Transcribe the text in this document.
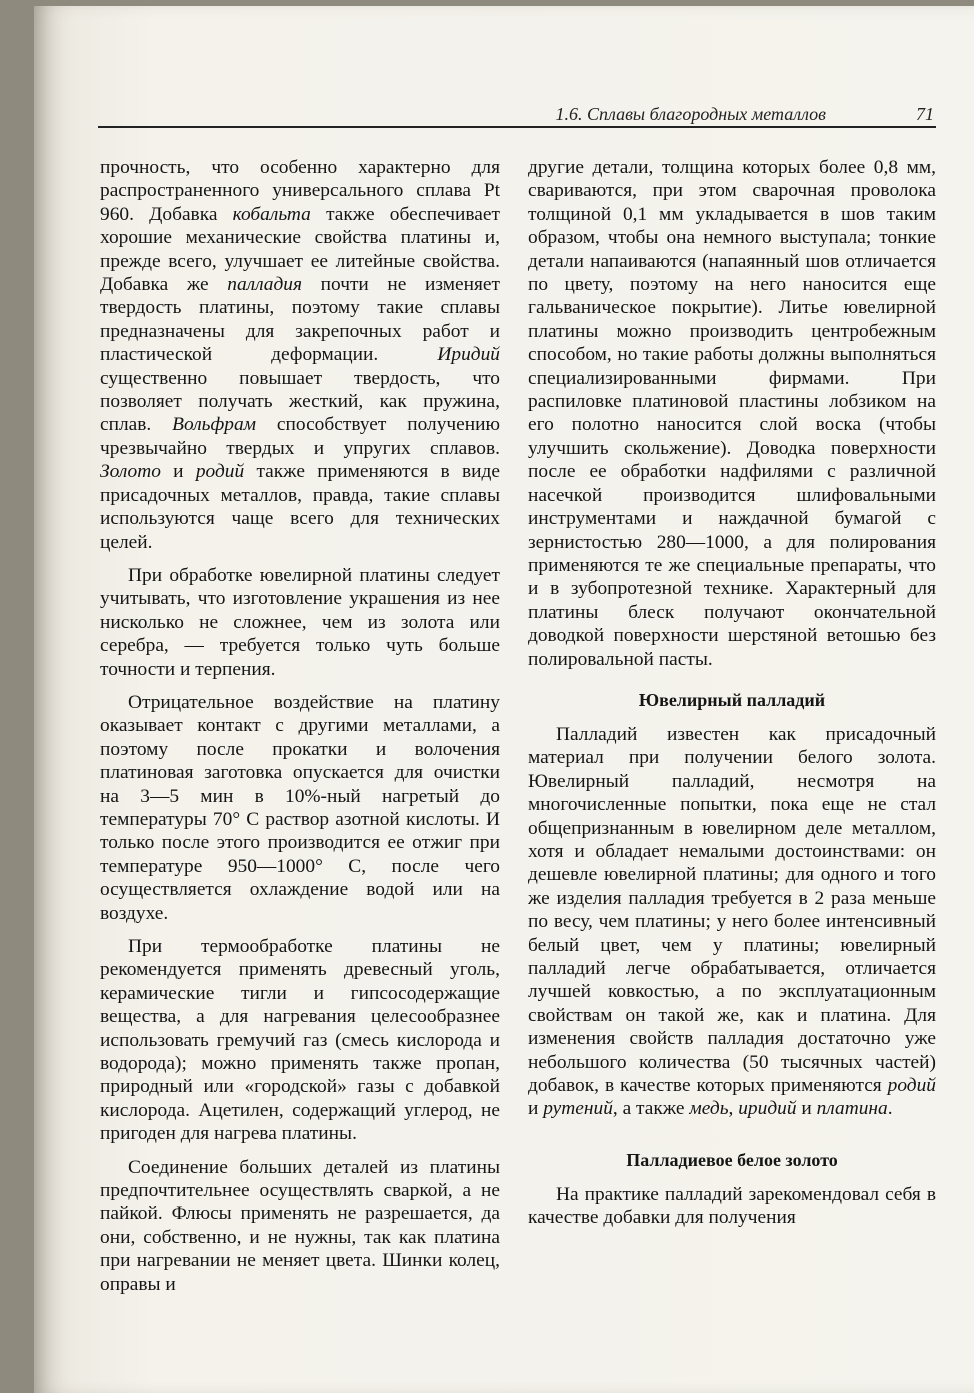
1.6. Сплавы благородных металлов	71

прочность, что особенно характерно для распространенного универсального сплава Pt 960. Добавка кобальта также обеспечивает хорошие механические свойства платины и, прежде всего, улучшает ее литейные свойства. Добавка же палладия почти не изменяет твердость платины, поэтому такие сплавы предназначены для закрепочных работ и пластической деформации. Иридий существенно повышает твердость, что позволяет получать жесткий, как пружина, сплав. Вольфрам способствует получению чрезвычайно твердых и упругих сплавов. Золото и родий также применяются в виде присадочных металлов, правда, такие сплавы используются чаще всего для технических целей.

При обработке ювелирной платины следует учитывать, что изготовление украшения из нее нисколько не сложнее, чем из золота или серебра, — требуется только чуть больше точности и терпения.

Отрицательное воздействие на платину оказывает контакт с другими металлами, а поэтому после прокатки и волочения платиновая заготовка опускается для очистки на 3—5 мин в 10%-ный нагретый до температуры 70° С раствор азотной кислоты. И только после этого производится ее отжиг при температуре 950—1000° С, после чего осуществляется охлаждение водой или на воздухе.

При термообработке платины не рекомендуется применять древесный уголь, керамические тигли и гипсосодержащие вещества, а для нагревания целесообразнее использовать гремучий газ (смесь кислорода и водорода); можно применять также пропан, природный или «городской» газы с добавкой кислорода. Ацетилен, содержащий углерод, не пригоден для нагрева платины.

Соединение больших деталей из платины предпочтительнее осуществлять сваркой, а не пайкой. Флюсы применять не разрешается, да они, собственно, и не нужны, так как платина при нагревании не меняет цвета. Шинки колец, оправы и

другие детали, толщина которых более 0,8 мм, свариваются, при этом сварочная проволока толщиной 0,1 мм укладывается в шов таким образом, чтобы она немного выступала; тонкие детали напаиваются (напаянный шов отличается по цвету, поэтому на него наносится еще гальваническое покрытие). Литье ювелирной платины можно производить центробежным способом, но такие работы должны выполняться специализированными фирмами. При распиловке платиновой пластины лобзиком на его полотно наносится слой воска (чтобы улучшить скольжение). Доводка поверхности после ее обработки надфилями с различной насечкой производится шлифовальными инструментами и наждачной бумагой с зернистостью 280—1000, а для полирования применяются те же специальные препараты, что и в зубопротезной технике. Характерный для платины блеск получают окончательной доводкой поверхности шерстяной ветошью без полировальной пасты.

Ювелирный палладий

Палладий известен как присадочный материал при получении белого золота. Ювелирный палладий, несмотря на многочисленные попытки, пока еще не стал общепризнанным в ювелирном деле металлом, хотя и обладает немалыми достоинствами: он дешевле ювелирной платины; для одного и того же изделия палладия требуется в 2 раза меньше по весу, чем платины; у него более интенсивный белый цвет, чем у платины; ювелирный палладий легче обрабатывается, отличается лучшей ковкостью, а по эксплуатационным свойствам он такой же, как и платина. Для изменения свойств палладия достаточно уже небольшого количества (50 тысячных частей) добавок, в качестве которых применяются родий и рутений, а также медь, иридий и платина.

Палладиевое белое золото

На практике палладий зарекомендовал себя в качестве добавки для получения
